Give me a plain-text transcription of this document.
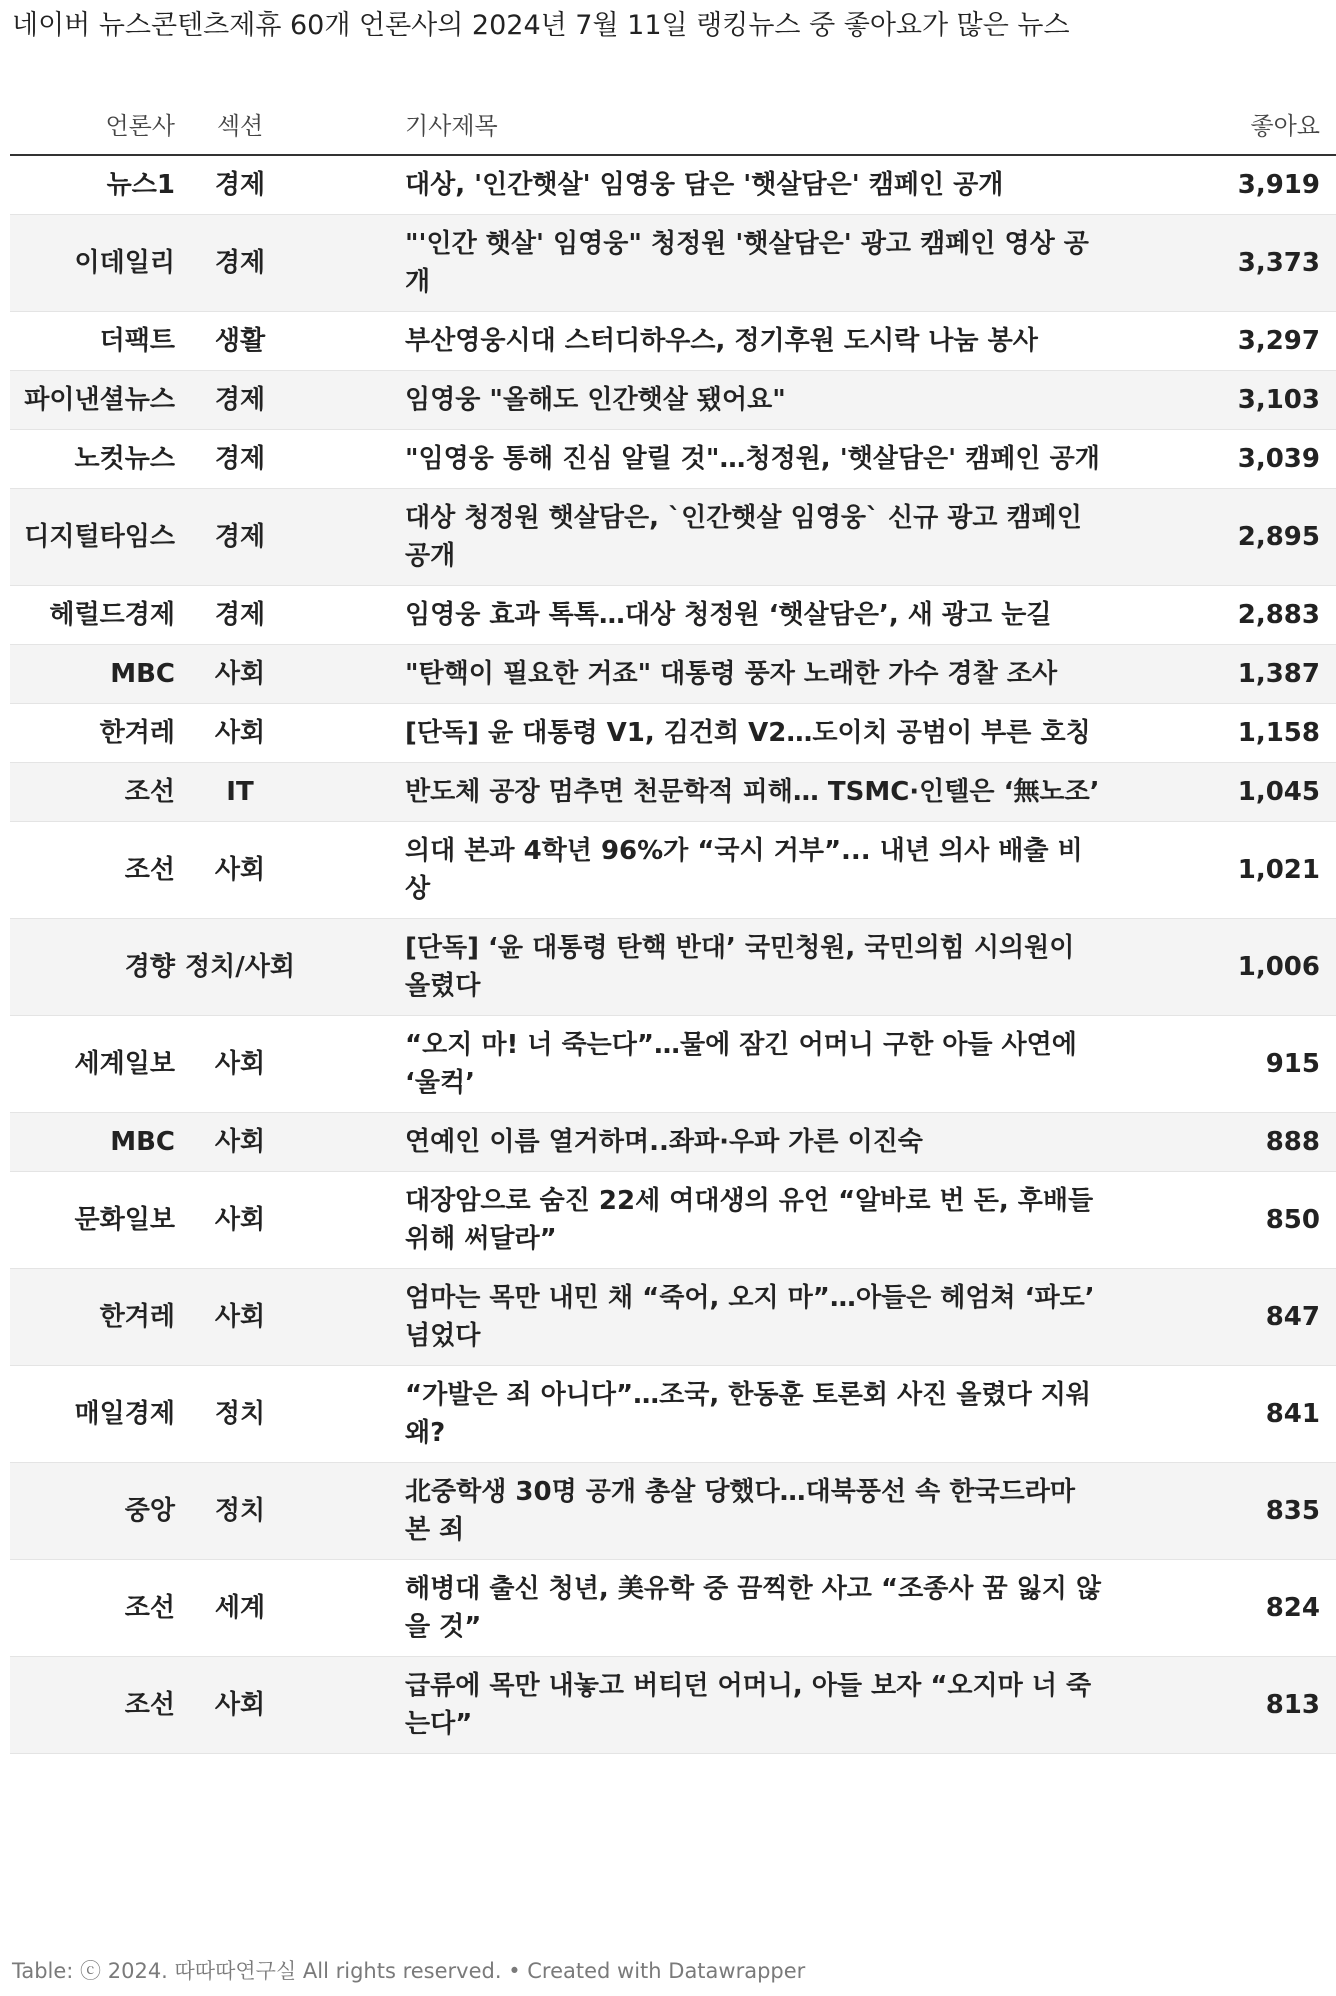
네이버 뉴스콘텐츠제휴 60개 언론사의 2024년 7월 11일 랭킹뉴스 중 좋아요가 많은 뉴스
언론사	섹션	기사제목	좋아요
뉴스1	경제	대상, '인간햇살' 임영웅 담은 '햇살담은' 캠페인 공개	3,919
이데일리	경제	"'인간 햇살' 임영웅" 청정원 '햇살담은' 광고 캠페인 영상 공개	3,373
더팩트	생활	부산영웅시대 스터디하우스, 정기후원 도시락 나눔 봉사	3,297
파이낸셜뉴스	경제	임영웅 "올해도 인간햇살 됐어요"	3,103
노컷뉴스	경제	"임영웅 통해 진심 알릴 것"…청정원, '햇살담은' 캠페인 공개	3,039
디지털타임스	경제	대상 청정원 햇살담은, `인간햇살 임영웅` 신규 광고 캠페인 공개	2,895
헤럴드경제	경제	임영웅 효과 톡톡…대상 청정원 ‘햇살담은’, 새 광고 눈길	2,883
MBC	사회	"탄핵이 필요한 거죠" 대통령 풍자 노래한 가수 경찰 조사	1,387
한겨레	사회	[단독] 윤 대통령 V1, 김건희 V2…도이치 공범이 부른 호칭	1,158
조선	IT	반도체 공장 멈추면 천문학적 피해… TSMC·인텔은 ‘無노조’	1,045
조선	사회	의대 본과 4학년 96%가 “국시 거부”... 내년 의사 배출 비상	1,021
경향	정치/사회	[단독] ‘윤 대통령 탄핵 반대’ 국민청원, 국민의힘 시의원이 올렸다	1,006
세계일보	사회	“오지 마! 너 죽는다”…물에 잠긴 어머니 구한 아들 사연에 ‘울컥’	915
MBC	사회	연예인 이름 열거하며..좌파·우파 가른 이진숙	888
문화일보	사회	대장암으로 숨진 22세 여대생의 유언 “알바로 번 돈, 후배들 위해 써달라”	850
한겨레	사회	엄마는 목만 내민 채 “죽어, 오지 마”…아들은 헤엄쳐 ‘파도’ 넘었다	847
매일경제	정치	“가발은 죄 아니다”…조국, 한동훈 토론회 사진 올렸다 지워 왜?	841
중앙	정치	北중학생 30명 공개 총살 당했다…대북풍선 속 한국드라마 본 죄	835
조선	세계	해병대 출신 청년, 美유학 중 끔찍한 사고 “조종사 꿈 잃지 않을 것”	824
조선	사회	급류에 목만 내놓고 버티던 어머니, 아들 보자 “오지마 너 죽는다”	813
Table: ⓒ 2024. 따따따연구실 All rights reserved. • Created with Datawrapper
